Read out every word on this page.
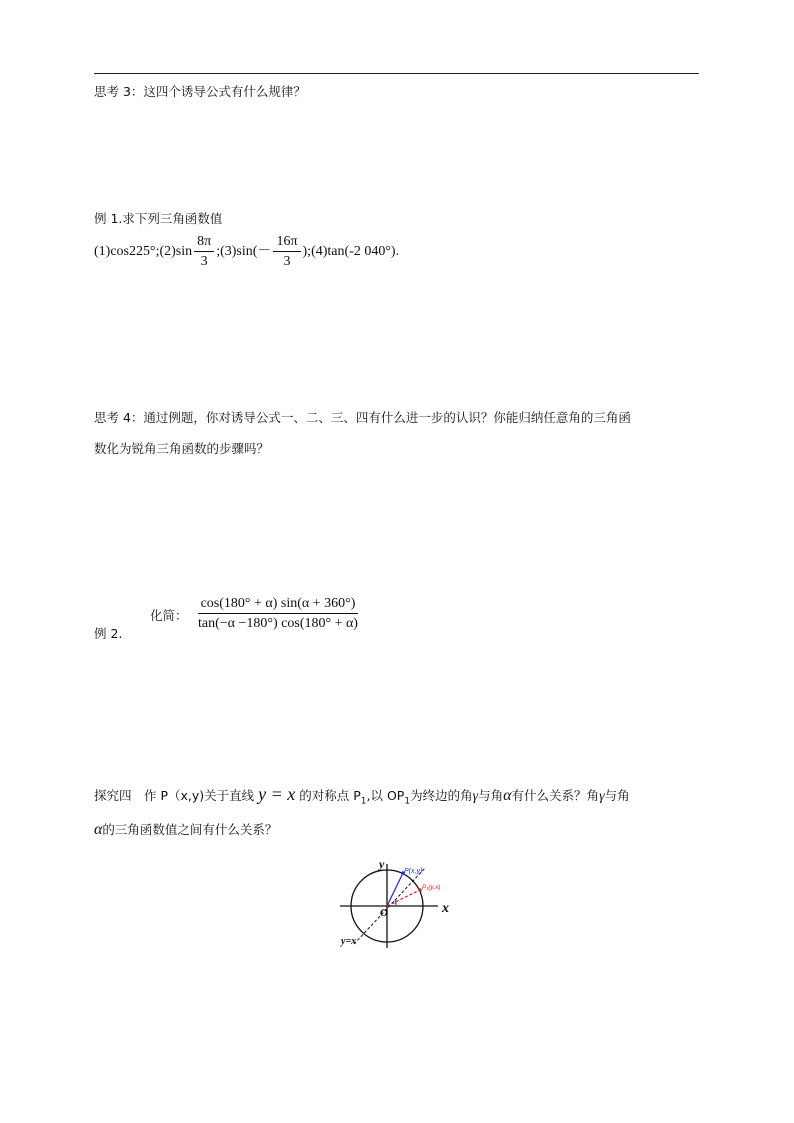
思考 3：这四个诱导公式有什么规律？
例 1.求下列三角函数值
(1)cos225°;(2)sin $\frac{8\pi}{3}$ ;(3)sin(－ $\frac{16\pi}{3}$ );(4)tan(-2 040°).
思考 4：通过例题，你对诱导公式一、二、三、四有什么进一步的认识？你能归纳任意角的三角函
数化为锐角三角函数的步骤吗？
化简： $\frac{\cos(180^\circ + \alpha) \sin(\alpha + 360^\circ)}{\tan(-\alpha -180^\circ) \cos(180^\circ + \alpha)}$
例 2.
探究四　作 P（x,y)关于直线 y = x 的对称点 $P_1$,以 $OP_1$为终边的角γ与角α有什么关系？角γ与角
α的三角函数值之间有什么关系？
x
y
O
y=x
P(x,y)
P₁(y,x)
α
